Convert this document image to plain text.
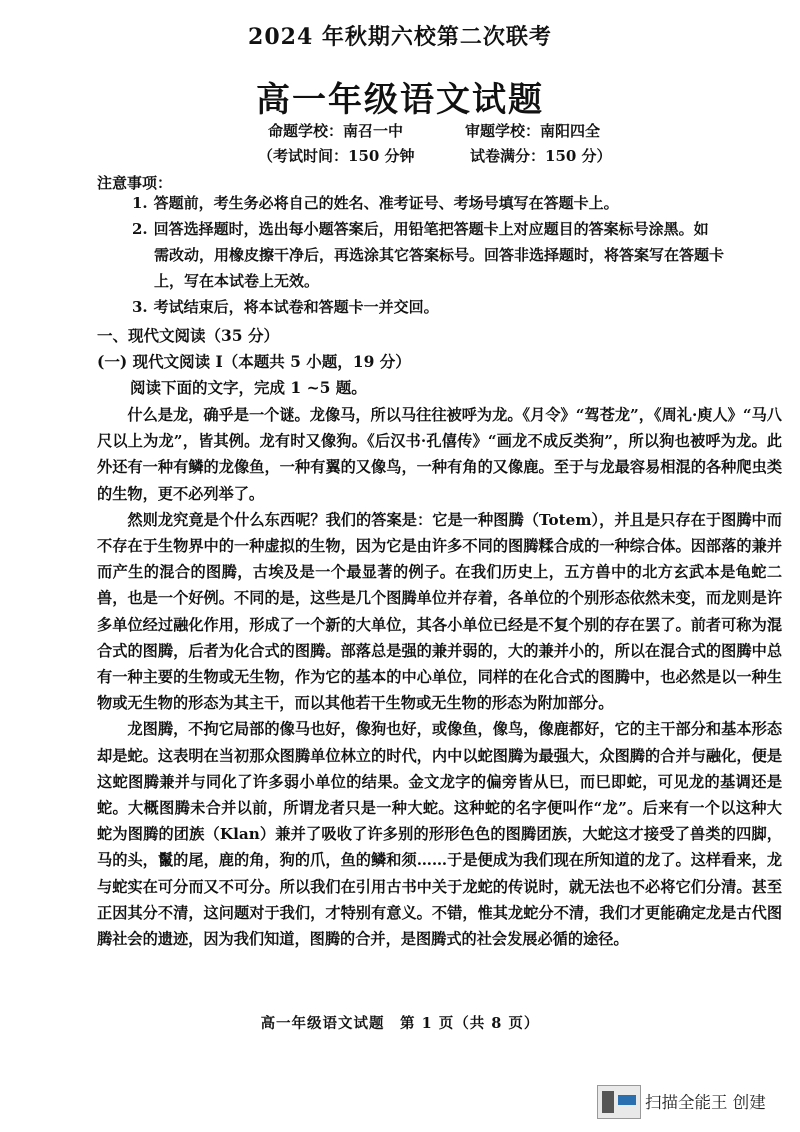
2024 年秋期六校第二次联考
高一年级语文试题
命题学校：南召一中	审题学校：南阳四全
（考试时间：150 分钟	试卷满分：150 分）
注意事项：
1. 答题前，考生务必将自己的姓名、准考证号、考场号填写在答题卡上。
2. 回答选择题时，选出每小题答案后，用铅笔把答题卡上对应题目的答案标号涂黑。如
需改动，用橡皮擦干净后，再选涂其它答案标号。回答非选择题时，将答案写在答题卡
上，写在本试卷上无效。
3. 考试结束后，将本试卷和答题卡一并交回。
一、现代文阅读（35 分）
(一) 现代文阅读 Ⅰ（本题共 5 小题，19 分）
阅读下面的文字，完成 1 ~5 题。

什么是龙，确乎是一个谜。龙像马，所以马往往被呼为龙。《月令》“驾苍龙”，《周礼·庾人》“马八尺以上为龙”，皆其例。龙有时又像狗。《后汉书·孔僖传》“画龙不成反类狗”，所以狗也被呼为龙。此外还有一种有鳞的龙像鱼，一种有翼的又像鸟，一种有角的又像鹿。至于与龙最容易相混的各种爬虫类的生物，更不必列举了。

然则龙究竟是个什么东西呢？我们的答案是：它是一种图腾（Totem），并且是只存在于图腾中而不存在于生物界中的一种虚拟的生物，因为它是由许多不同的图腾糅合成的一种综合体。因部落的兼并而产生的混合的图腾，古埃及是一个最显著的例子。在我们历史上，五方兽中的北方玄武本是龟蛇二兽，也是一个好例。不同的是，这些是几个图腾单位并存着，各单位的个别形态依然未变，而龙则是许多单位经过融化作用，形成了一个新的大单位，其各小单位已经是不复个别的存在罢了。前者可称为混合式的图腾，后者为化合式的图腾。部落总是强的兼并弱的，大的兼并小的，所以在混合式的图腾中总有一种主要的生物或无生物，作为它的基本的中心单位，同样的在化合式的图腾中，也必然是以一种生物或无生物的形态为其主干，而以其他若干生物或无生物的形态为附加部分。

龙图腾，不拘它局部的像马也好，像狗也好，或像鱼，像鸟，像鹿都好，它的主干部分和基本形态却是蛇。这表明在当初那众图腾单位林立的时代，内中以蛇图腾为最强大，众图腾的合并与融化，便是这蛇图腾兼并与同化了许多弱小单位的结果。金文龙字的偏旁皆从巳，而巳即蛇，可见龙的基调还是蛇。大概图腾未合并以前，所谓龙者只是一种大蛇。这种蛇的名字便叫作“龙”。后来有一个以这种大蛇为图腾的团族（Klan）兼并了吸收了许多别的形形色色的图腾团族，大蛇这才接受了兽类的四脚，马的头，鬣的尾，鹿的角，狗的爪，鱼的鳞和须……于是便成为我们现在所知道的龙了。这样看来，龙与蛇实在可分而又不可分。所以我们在引用古书中关于龙蛇的传说时，就无法也不必将它们分清。甚至正因其分不清，这问题对于我们，才特别有意义。不错，惟其龙蛇分不清，我们才更能确定龙是古代图腾社会的遗迹，因为我们知道，图腾的合并，是图腾式的社会发展必循的途径。

高一年级语文试题　第 1 页（共 8 页）
扫描全能王 创建
